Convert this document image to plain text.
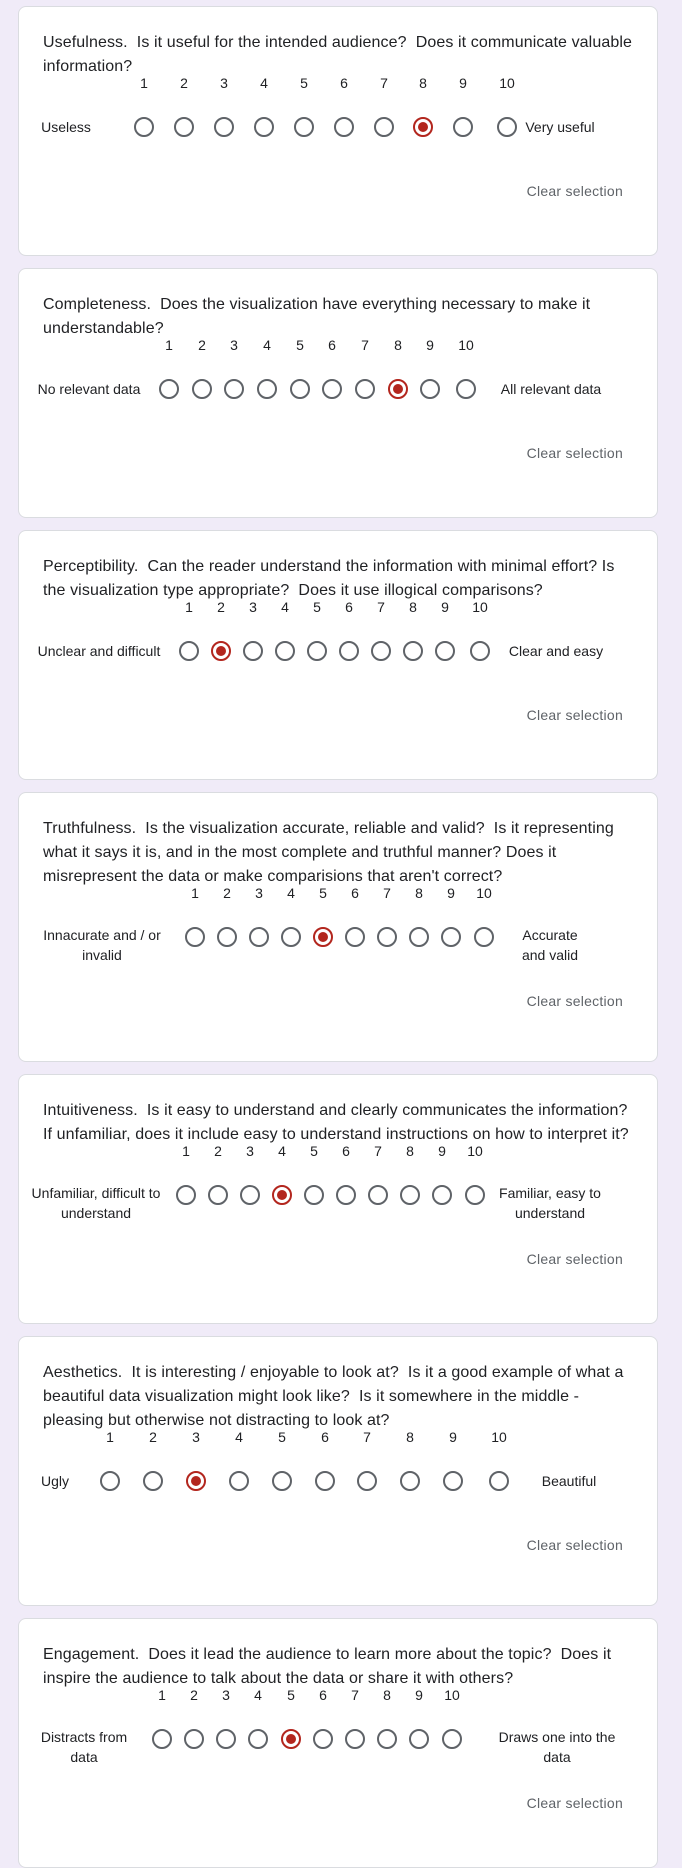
Usefulness.  Is it useful for the intended audience?  Does it communicate valuable information?
1	2	3	4	5	6	7	8	9	10
Useless	Very useful
Clear selection
Completeness.  Does the visualization have everything necessary to make it understandable?
1	2	3	4	5	6	7	8	9	10
No relevant data	All relevant data
Clear selection
Perceptibility.  Can the reader understand the information with minimal effort? Is the visualization type appropriate?  Does it use illogical comparisons?
1	2	3	4	5	6	7	8	9	10
Unclear and difficult	Clear and easy
Clear selection
Truthfulness.  Is the visualization accurate, reliable and valid?  Is it representing what it says it is, and in the most complete and truthful manner? Does it misrepresent the data or make comparisions that aren't correct?
1	2	3	4	5	6	7	8	9	10
Innacurate and / or invalid
Accurate and valid
Clear selection
Intuitiveness.  Is it easy to understand and clearly communicates the information?  If unfamiliar, does it include easy to understand instructions on how to interpret it?
1	2	3	4	5	6	7	8	9	10
Unfamiliar, difficult to understand
Familiar, easy to understand
Clear selection
Aesthetics.  It is interesting / enjoyable to look at?  Is it a good example of what a beautiful data visualization might look like?  Is it somewhere in the middle - pleasing but otherwise not distracting to look at?
1	2	3	4	5	6	7	8	9	10
Ugly	Beautiful
Clear selection
Engagement.  Does it lead the audience to learn more about the topic?  Does it inspire the audience to talk about the data or share it with others?
1	2	3	4	5	6	7	8	9	10
Distracts from data
Draws one into the data
Clear selection
